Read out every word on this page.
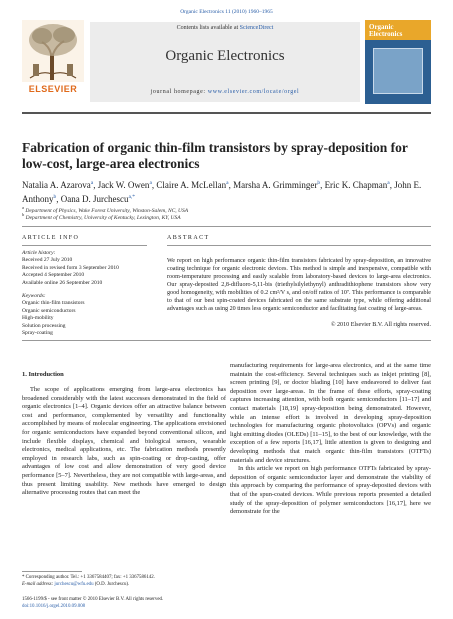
Organic Electronics 11 (2010) 1960–1965
ELSEVIER
Contents lists available at ScienceDirect
Organic Electronics
journal homepage: www.elsevier.com/locate/orgel
Organic
Electronics
Fabrication of organic thin-film transistors by spray-deposition for low-cost, large-area electronics
Natalia A. Azarova$^a$, Jack W. Owen$^a$, Claire A. McLellan$^a$, Marsha A. Grimminger$^b$, Eric K. Chapman$^a$, John E. Anthony$^b$, Oana D. Jurchescu$^{a,*}$
$^a$ Department of Physics, Wake Forest University, Winston-Salem, NC, USA
$^b$ Department of Chemistry, University of Kentucky, Lexington, KY, USA
ARTICLE INFO	ABSTRACT
Article history:
Received 27 July 2010
Received in revised form 3 September 2010
Accepted 4 September 2010
Available online 26 September 2010
Keywords:
Organic thin-film transistors
Organic semiconductors
High-mobility
Solution processing
Spray-coating
We report on high performance organic thin-film transistors fabricated by spray-deposition, an innovative coating technique for organic electronic devices. This method is simple and inexpensive, compatible with room-temperature processing and easily scalable from laboratory-based devices to large-area electronics. Our spray-deposited 2,8-difluoro-5,11-bis (triethylsilylethynyl) anthradithiophene transistors show very good homogeneity, with mobilities of 0.2 cm²/V s, and on/off ratios of 10⁷. This performance is comparable to that of our best spin-coated devices fabricated on the same substrate type, while offering additional advantages such as using 20 times less organic semiconductor and facilitating fast coating of large-areas.
© 2010 Elsevier B.V. All rights reserved.
1. Introduction

The scope of applications emerging from large-area electronics has broadened considerably with the latest successes demonstrated in the field of organic electronics [1–4]. Organic devices offer an attractive balance between cost and performance, complemented by versatility and functionality accomplished by means of molecular engineering. The applications envisioned for organic semiconductors have expanded beyond conventional silicon, and include flexible displays, chemical and biological sensors, wearable electronics, medical applications, etc. The fabrication methods presently employed in research labs, such as spin-coating or drop-casting, offer advantages of low cost and allow demonstration of very good device performance [5–7]. Nevertheless, they are not compatible with large-areas, and thus present limiting usability. New methods have emerged to design alternative processing routes that can meet the

manufacturing requirements for large-area electronics, and at the same time maintain the cost-efficiency. Several techniques such as inkjet printing [8], screen printing [9], or doctor blading [10] have endeavored to deliver fast deposition over large-areas. In the frame of these efforts, spray-coating captures increasing attention, with both organic semiconductors [11–17] and contact materials [18,19] spray-deposition being demonstrated. However, while an intense effort is involved in developing spray-deposition technologies for manufacturing organic photovoltaics (OPVs) and organic light emitting diodes (OLEDs) [11–15], to the best of our knowledge, with the exception of a few reports [16,17], little attention is given to designing and developing methods that match organic thin-film transistors (OTFTs) materials and device structures.

In this article we report on high performance OTFTs fabricated by spray-deposition of organic semiconductor layer and demonstrate the viability of this approach by comparing the performance of spray-deposited devices with that of the spun-coated devices. While previous reports presented a detailed study of the spray-deposition of polymer semiconductors [16,17], here we demonstrate for the

* Corresponding author. Tel.: +1 3367584407; fax: +1 3367586142.
E-mail address: jurchescu@wfu.edu (O.D. Jurchescu).
1566-1199/$ - see front matter © 2010 Elsevier B.V. All rights reserved.
doi:10.1016/j.orgel.2010.09.008
